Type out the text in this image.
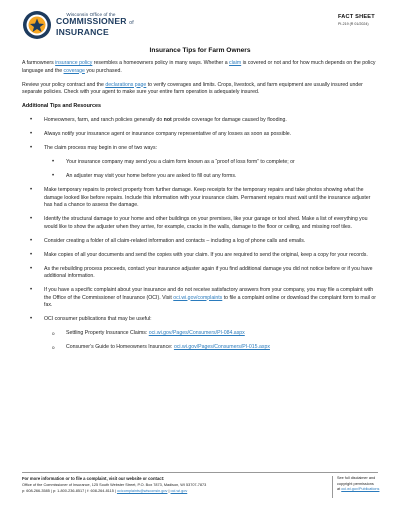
Wisconsin Office of the
COMMISSIONER of
INSURANCE
FACT SHEET
PI-219 (R 01/2024)
Insurance Tips for Farm Owners
A farmowners insurance policy resembles a homeowners policy in many ways. Whether a claim is covered or not and for how much depends on the policy language and the coverage you purchased.
Review your policy contract and the declarations page to verify coverages and limits. Crops, livestock, and farm equipment are usually insured under separate policies. Check with your agent to make sure your entire farm operation is adequately insured.
Additional Tips and Resources
• Homeowners, farm, and ranch policies generally do not provide coverage for damage caused by flooding.
• Always notify your insurance agent or insurance company representative of any losses as soon as possible.
• The claim process may begin in one of two ways:
• Your insurance company may send you a claim form known as a “proof of loss form” to complete; or
• An adjuster may visit your home before you are asked to fill out any forms.
• Make temporary repairs to protect property from further damage. Keep receipts for the temporary repairs and take photos showing what the damage looked like before repairs. Include this information with your insurance claim. Permanent repairs must wait until the insurance adjuster has had a chance to assess the damage.
• Identify the structural damage to your home and other buildings on your premises, like your garage or tool shed. Make a list of everything you would like to show the adjuster when they arrive, for example, cracks in the walls, damage to the floor or ceiling, and missing roof tiles.
• Consider creating a folder of all claim-related information and contacts – including a log of phone calls and emails.
• Make copies of all your documents and send the copies with your claim. If you are required to send the original, keep a copy for your records.
• As the rebuilding process proceeds, contact your insurance adjuster again if you find additional damage you did not notice before or if you have additional information.
• If you have a specific complaint about your insurance and do not receive satisfactory answers from your company, you may file a complaint with the Office of the Commissioner of Insurance (OCI). Visit oci.wi.gov/complaints to file a complaint online or download the complaint form to mail or fax.
• OCI consumer publications that may be useful:
o Settling Property Insurance Claims: oci.wi.gov/Pages/Consumers/PI-084.aspx
o Consumer’s Guide to Homeowners Insurance: oci.wi.gov/Pages/Consumers/PI-015.aspx
For more information or to file a complaint, visit our website or contact:
Office of the Commissioner of Insurance, 125 South Webster Street, P.O. Box 7873, Madison, WI 53707-7873
p: 608-266-3585 | p: 1-800-236-8517 | f: 608-264-8115 | ocicomplaints@wisconsin.gov | oci.wi.gov
See full disclaimer and
copyright permissions
at oci.wi.gov/Publications
